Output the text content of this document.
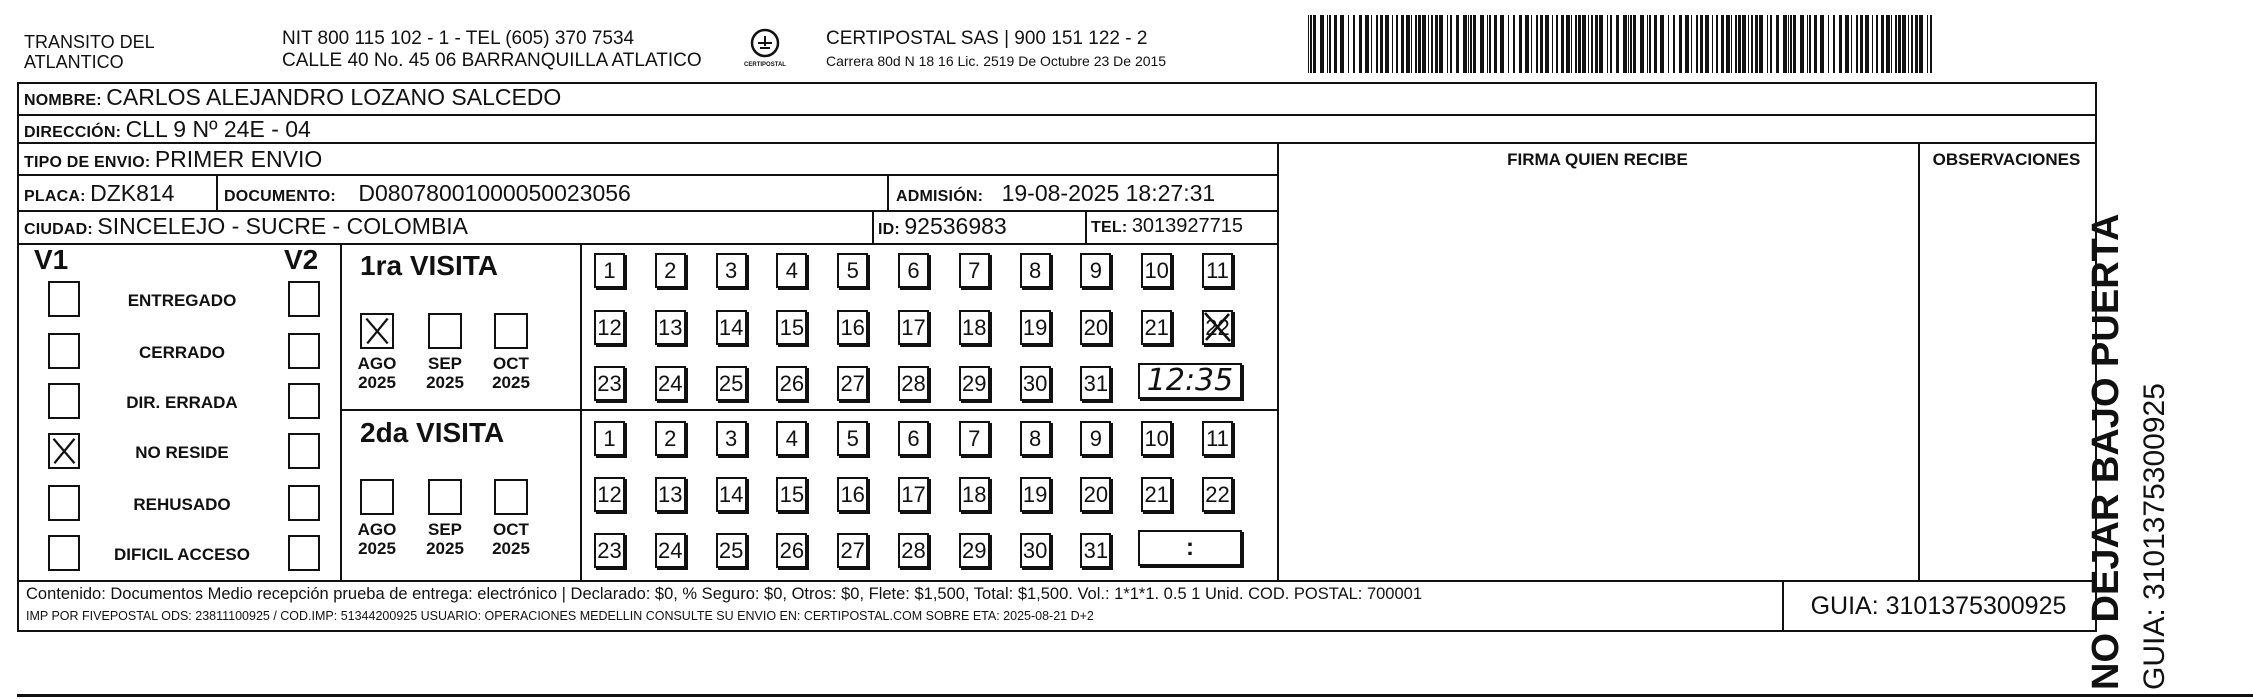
TRANSITO DEL
ATLANTICO
NIT 800 115 102 - 1 - TEL (605) 370 7534
CALLE 40 No. 45 06 BARRANQUILLA ATLATICO	CERTIPOSTAL
CERTIPOSTAL SAS | 900 151 122 - 2
Carrera 80d N 18 16 Lic. 2519 De Octubre 23 De 2015
NOMBRE: CARLOS ALEJANDRO LOZANO SALCEDO
DIRECCIÓN: CLL 9 Nº 24E - 04
TIPO DE ENVIO: PRIMER ENVIO	FIRMA QUIEN RECIBE	OBSERVACIONES
PLACA: DZK814	DOCUMENTO: D08078001000050023056	ADMISIÓN: 19-08-2025 18:27:31
CIUDAD: SINCELEJO - SUCRE - COLOMBIA	ID: 92536983	TEL: 3013927715
V1	V2
ENTREGADO
CERRADO
DIR. ERRADA
NO RESIDE
REHUSADO
DIFICIL ACCESO
1ra VISITA
2da VISITA
AGO
2025
SEP
2025
OCT
2025
AGO
2025
SEP
2025
OCT
2025
1	2	3	4	5	6	7	8	9	10 11
12 13 14 15 16 17 18 19 20 21 22
23 24 25 26 27 28 29 30 31
1	2	3	4	5	6	7	8	9	10 11
12 13 14 15 16 17 18 19 20 21 22
23 24 25 26 27 28 29 30 31
12:35
:
Contenido: Documentos Medio recepción prueba de entrega: electrónico | Declarado: $0, % Seguro: $0, Otros: $0, Flete: $1,500, Total: $1,500. Vol.: 1*1*1. 0.5 1 Unid. COD. POSTAL: 700001
IMP POR FIVEPOSTAL ODS: 23811100925 / COD.IMP: 51344200925 USUARIO: OPERACIONES MEDELLIN CONSULTE SU ENVIO EN: CERTIPOSTAL.COM SOBRE ETA: 2025-08-21 D+2	GUIA: 3101375300925 NO DEJAR BAJO PUERTA GUIA: 3101375300925
